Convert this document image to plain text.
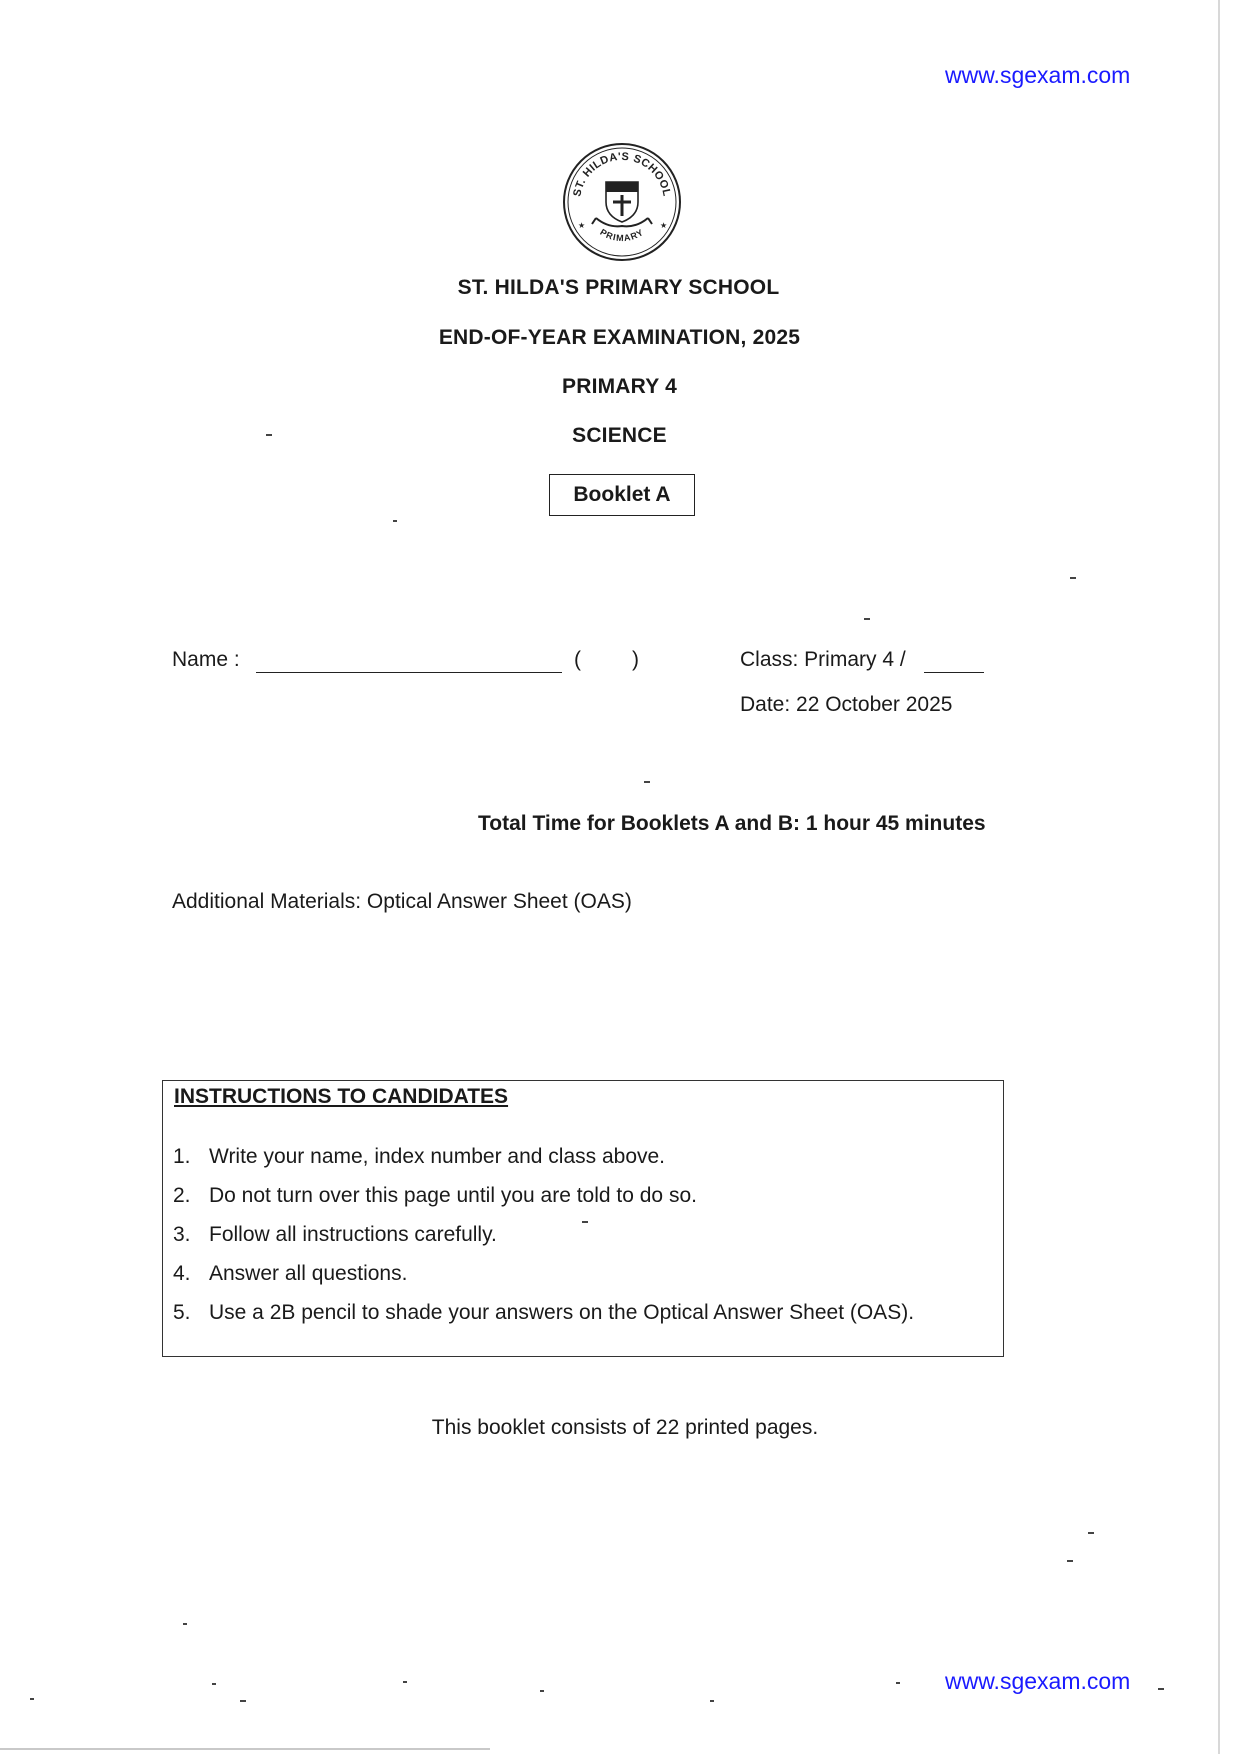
www.sgexam.com
ST. HILDA'S SCHOOL
PRIMARY
★	★
ST. HILDA'S PRIMARY SCHOOL
END-OF-YEAR EXAMINATION, 2025
PRIMARY 4
SCIENCE
Booklet A
Name :	( )	Class: Primary 4 /
Date: 22 October 2025
Total Time for Booklets A and B: 1 hour 45 minutes
Additional Materials: Optical Answer Sheet (OAS)
INSTRUCTIONS TO CANDIDATES
1. Write your name, index number and class above.
2. Do not turn over this page until you are told to do so.
3. Follow all instructions carefully.
4. Answer all questions.
5. Use a 2B pencil to shade your answers on the Optical Answer Sheet (OAS).
This booklet consists of 22 printed pages.
www.sgexam.com
